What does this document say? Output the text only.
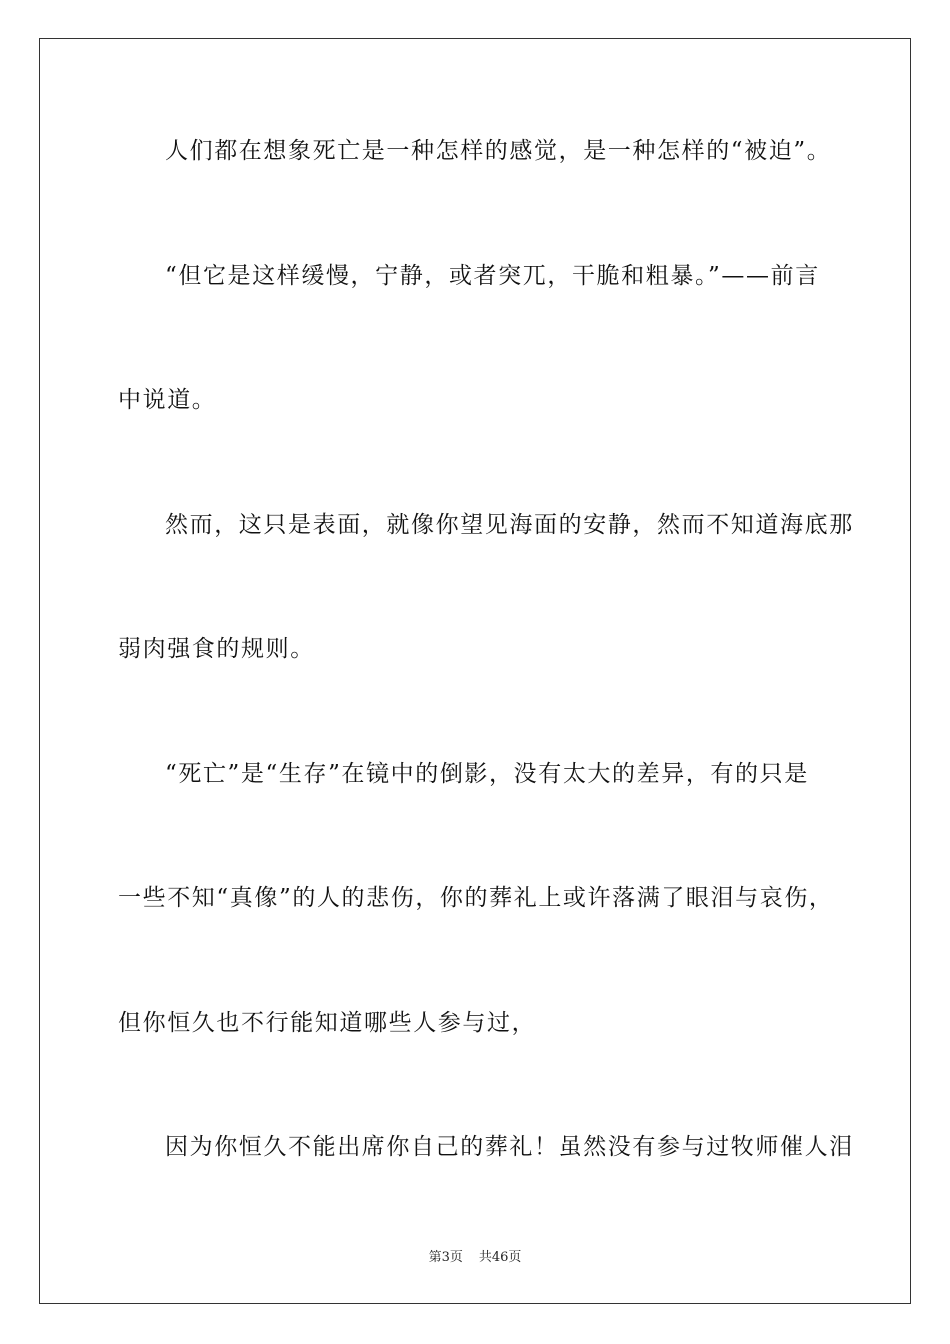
人们都在想象死亡是一种怎样的感觉，是一种怎样的“被迫”。
“但它是这样缓慢，宁静，或者突兀，干脆和粗暴。”——前言
中说道。
然而，这只是表面，就像你望见海面的安静，然而不知道海底那
弱肉强食的规则。
“死亡”是“生存”在镜中的倒影，没有太大的差异，有的只是
一些不知“真像”的人的悲伤，你的葬礼上或许落满了眼泪与哀伤，
但你恒久也不行能知道哪些人参与过，
因为你恒久不能出席你自己的葬礼！虽然没有参与过牧师催人泪
第3页 共46页
